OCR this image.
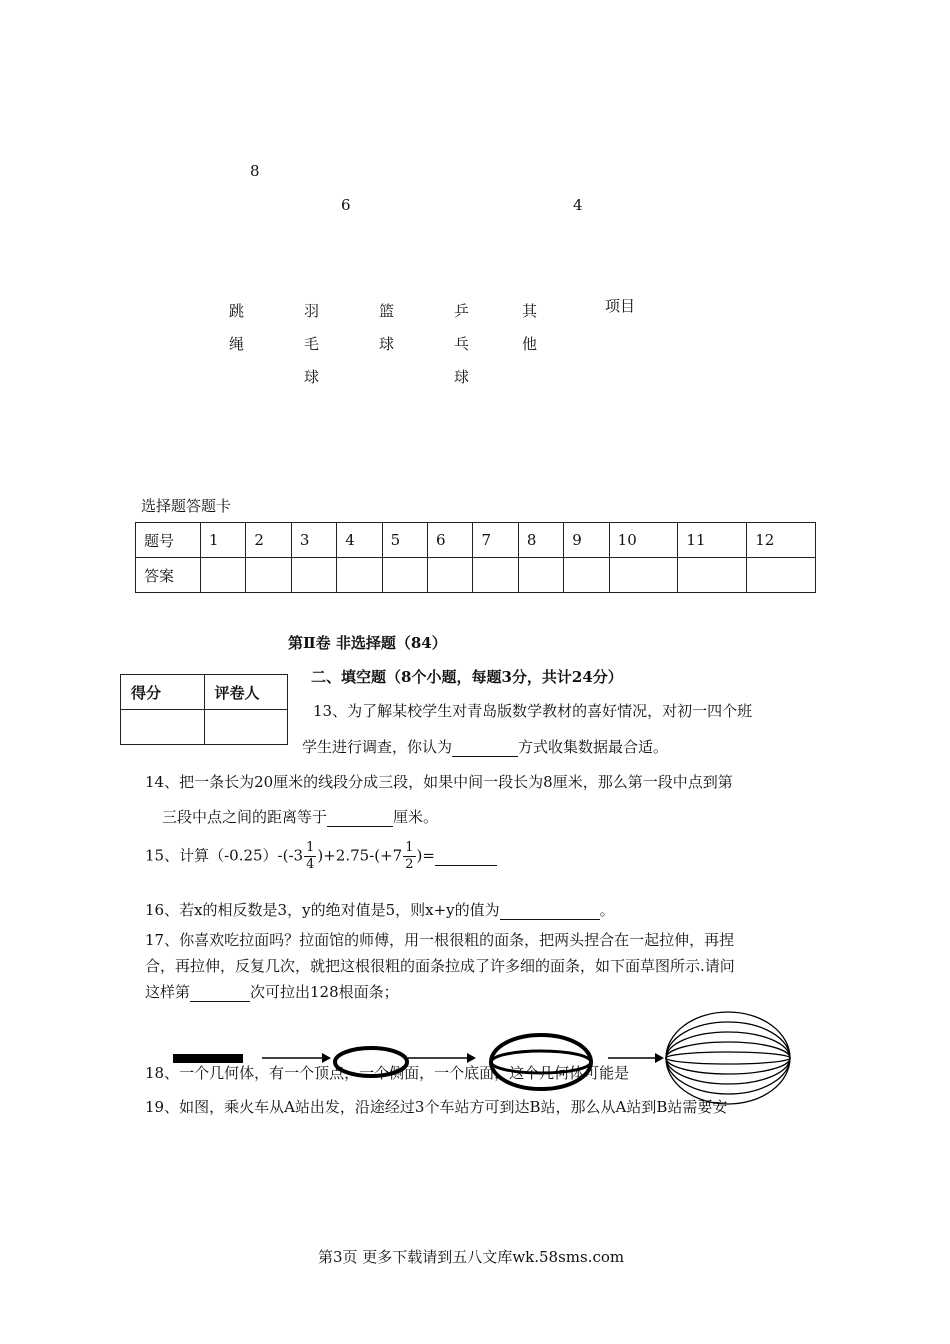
8
6	4
跳
绳
羽
毛
球
篮
球
乒
乓
球
其
他
项目
选择题答题卡
题号	1	2	3	4	5	6	7	8	9	10	11	12
答案												
第Ⅱ卷 非选择题（84）
得分	评卷人

二、填空题（8个小题，每题3分，共计24分）
13、为了解某校学生对青岛版数学教材的喜好情况，对初一四个班
学生进行调查，你认为	方式收集数据最合适。
14、把一条长为20厘米的线段分成三段，如果中间一段长为8厘米，那么第一段中点到第
三段中点之间的距离等于	厘米。
15、计算$(-0.25)-(-3 \frac{1}{4} )+2.75-(+7 \frac{1}{2}$ )=
16、若x的相反数是3，y的绝对值是5，则x+y的值为	。
17、你喜欢吃拉面吗？拉面馆的师傅，用一根很粗的面条，把两头捏合在一起拉伸，再捏
合，再拉伸，反复几次，就把这根很粗的面条拉成了许多细的面条，如下面草图所示.请问
这样第	次可拉出128根面条；
18、一个几何体，有一个顶点，一个侧面，一个底面，这个几何体可能是
19、如图，乘火车从A站出发，沿途经过3个车站方可到达B站，那么从A站到B站需要安
第3页 更多下载请到五八文库wk.58sms.com
